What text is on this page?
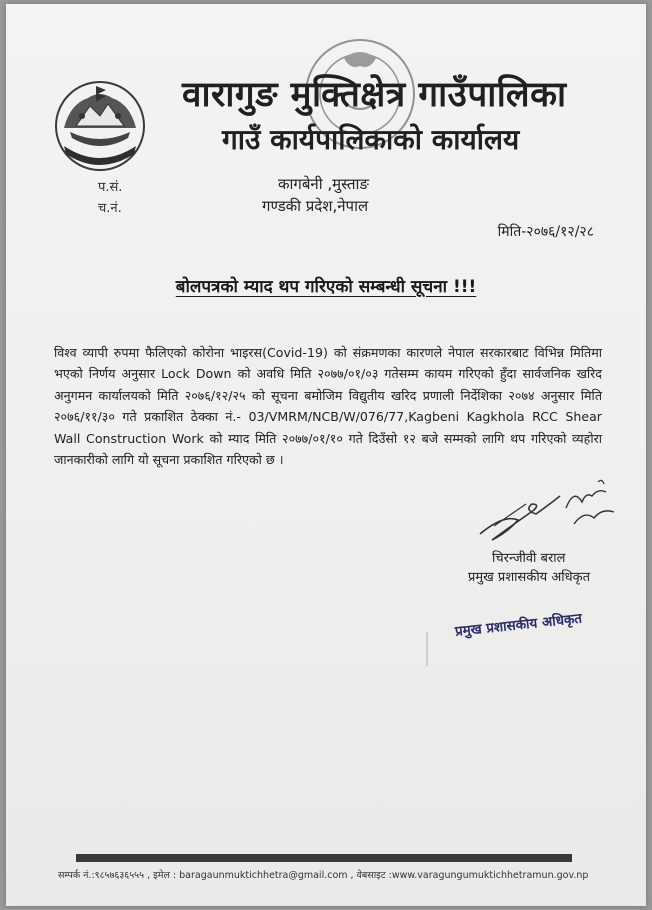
वारागुङ मुक्तिक्षेत्र गाउँपालिका
गाउँ कार्यपालिकाको कार्यालय
प.सं.
च.नं.
कागबेनी ,मुस्ताङ
गण्डकी प्रदेश,नेपाल
मिति-२०७६/१२/२८
बोलपत्रको म्याद थप गरिएको सम्बन्धी सूचना !!!
विश्व व्यापी रुपमा फैलिएको कोरोना भाइरस(Covid-19) को संक्रमणका कारणले नेपाल सरकारबाट विभिन्न मितिमा भएको निर्णय अनुसार Lock Down को अवधि मिति २०७७/०१/०३ गतेसम्म कायम गरिएको हुँदा सार्वजनिक खरिद अनुगमन कार्यालयको मिति २०७६/१२/२५ को सूचना बमोजिम विद्युतीय खरिद प्रणाली निर्देशिका २०७४ अनुसार मिति २०७६/११/३० गते प्रकाशित ठेक्का नं.- 03/VMRM/NCB/W/076/77,Kagbeni Kagkhola RCC Shear Wall Construction Work को म्याद मिति २०७७/०१/१० गते दिउँसो १२ बजे सम्मको लागि थप गरिएको व्यहोरा जानकारीको लागि यो सूचना प्रकाशित गरिएको छ ।
चिरन्जीवी बराल
प्रमुख प्रशासकीय अधिकृत
प्रमुख प्रशासकीय अधिकृत
सम्पर्क नं.:९८५७६३६५५५ , इमेल : baragaunmuktichhetra@gmail.com , वेबसाइट :www.varagungumuktichhetramun.gov.np
